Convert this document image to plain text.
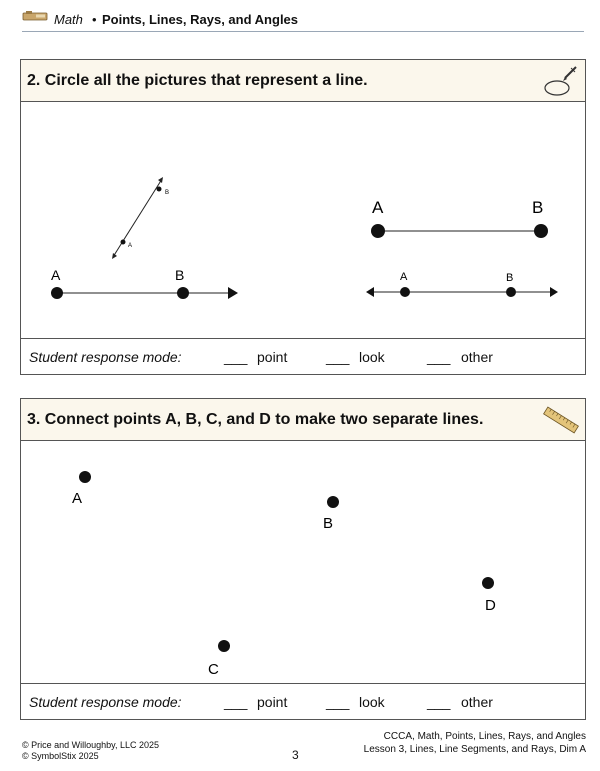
Math • Points, Lines, Rays, and Angles
2. Circle all the pictures that represent a line.
A
B
A	B
Student response mode:	___ point	___ look	___ other
A	B	A	B
3. Connect points A, B, C, and D to make two separate lines.
A
B
C
D
Student response mode:	___ point	___ look	___ other
© Price and Willoughby, LLC 2025
© SymbolStix 2025	3
CCCA, Math, Points, Lines, Rays, and Angles
Lesson 3, Lines, Line Segments, and Rays, Dim A
